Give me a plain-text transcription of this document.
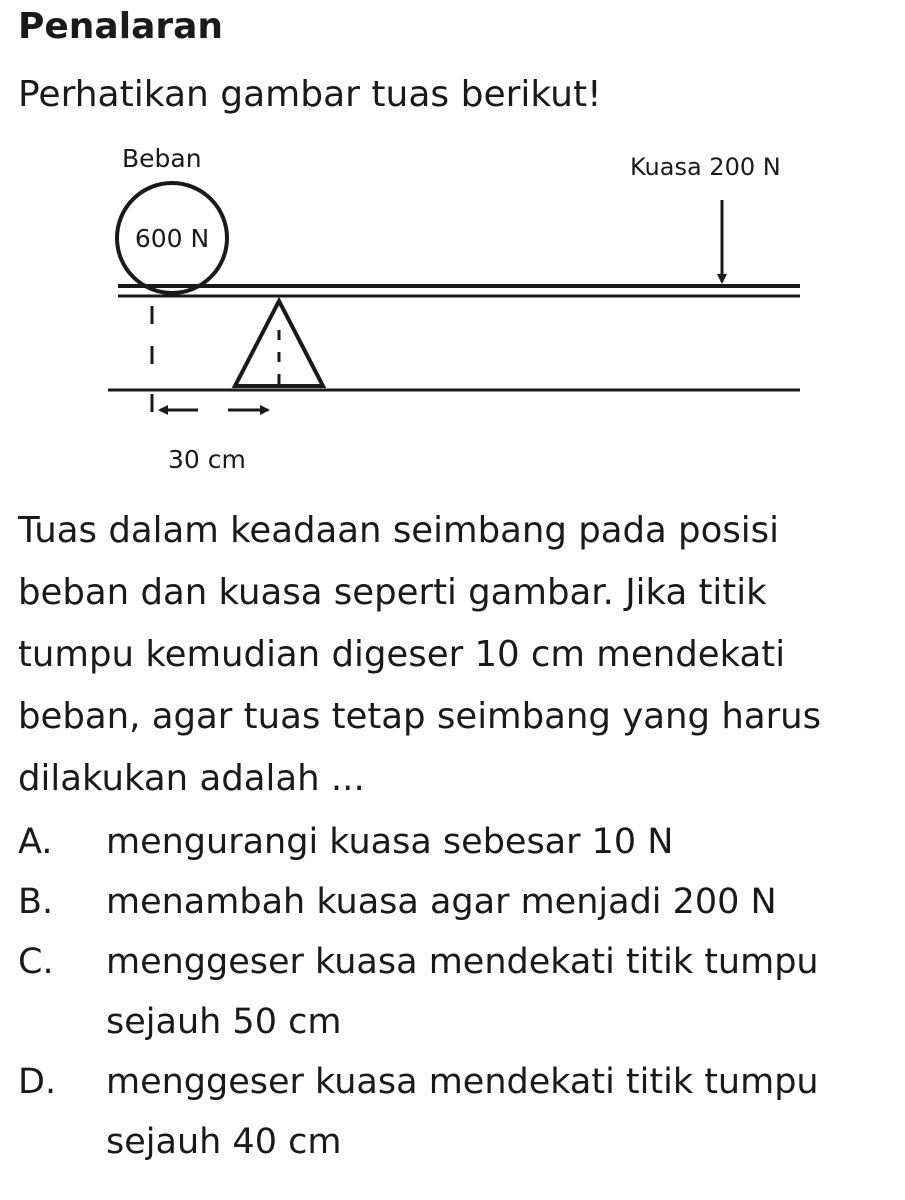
Penalaran

Perhatikan gambar tuas berikut!

Beban
600 N
Kuasa 200 N
30 cm

Tuas dalam keadaan seimbang pada posisi beban dan kuasa seperti gambar. Jika titik tumpu kemudian digeser 10 cm mendekati beban, agar tuas tetap seimbang yang harus dilakukan adalah ...

A.	mengurangi kuasa sebesar 10 N
B.	menambah kuasa agar menjadi 200 N
C.	menggeser kuasa mendekati titik tumpu sejauh 50 cm
D.	menggeser kuasa mendekati titik tumpu sejauh 40 cm
